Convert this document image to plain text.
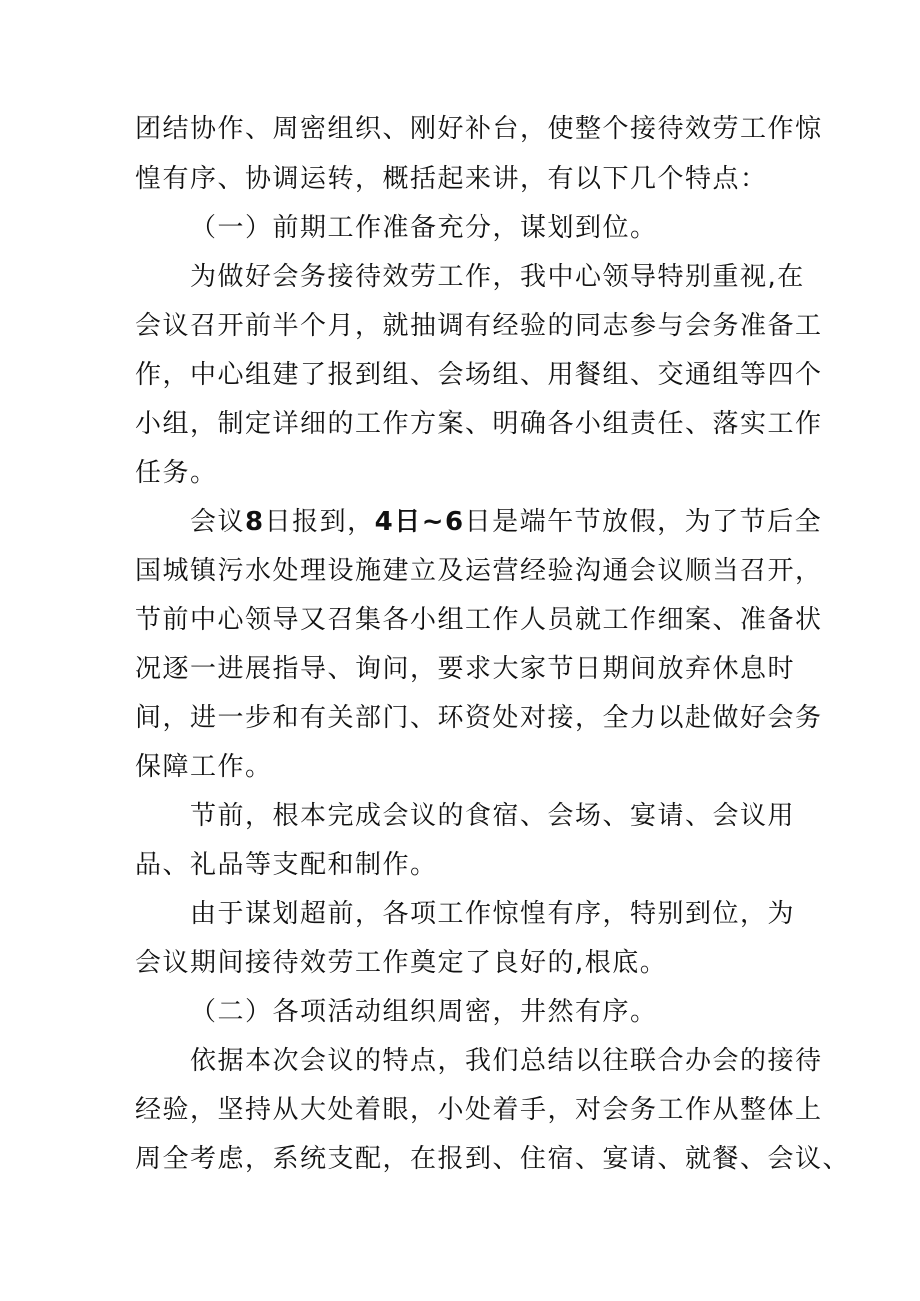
团结协作、周密组织、刚好补台，使整个接待效劳工作惊
惶有序、协调运转，概括起来讲，有以下几个特点：
（一）前期工作准备充分，谋划到位。
为做好会务接待效劳工作，我中心领导特别重视,在
会议召开前半个月，就抽调有经验的同志参与会务准备工
作，中心组建了报到组、会场组、用餐组、交通组等四个
小组，制定详细的工作方案、明确各小组责任、落实工作
任务。
会议8日报到，4日~6日是端午节放假，为了节后全
国城镇污水处理设施建立及运营经验沟通会议顺当召开，
节前中心领导又召集各小组工作人员就工作细案、准备状
况逐一进展指导、询问，要求大家节日期间放弃休息时
间，进一步和有关部门、环资处对接，全力以赴做好会务
保障工作。
节前，根本完成会议的食宿、会场、宴请、会议用
品、礼品等支配和制作。
由于谋划超前，各项工作惊惶有序，特别到位，为
会议期间接待效劳工作奠定了良好的,根底。
（二）各项活动组织周密，井然有序。
依据本次会议的特点，我们总结以往联合办会的接待
经验，坚持从大处着眼，小处着手，对会务工作从整体上
周全考虑，系统支配，在报到、住宿、宴请、就餐、会议、
